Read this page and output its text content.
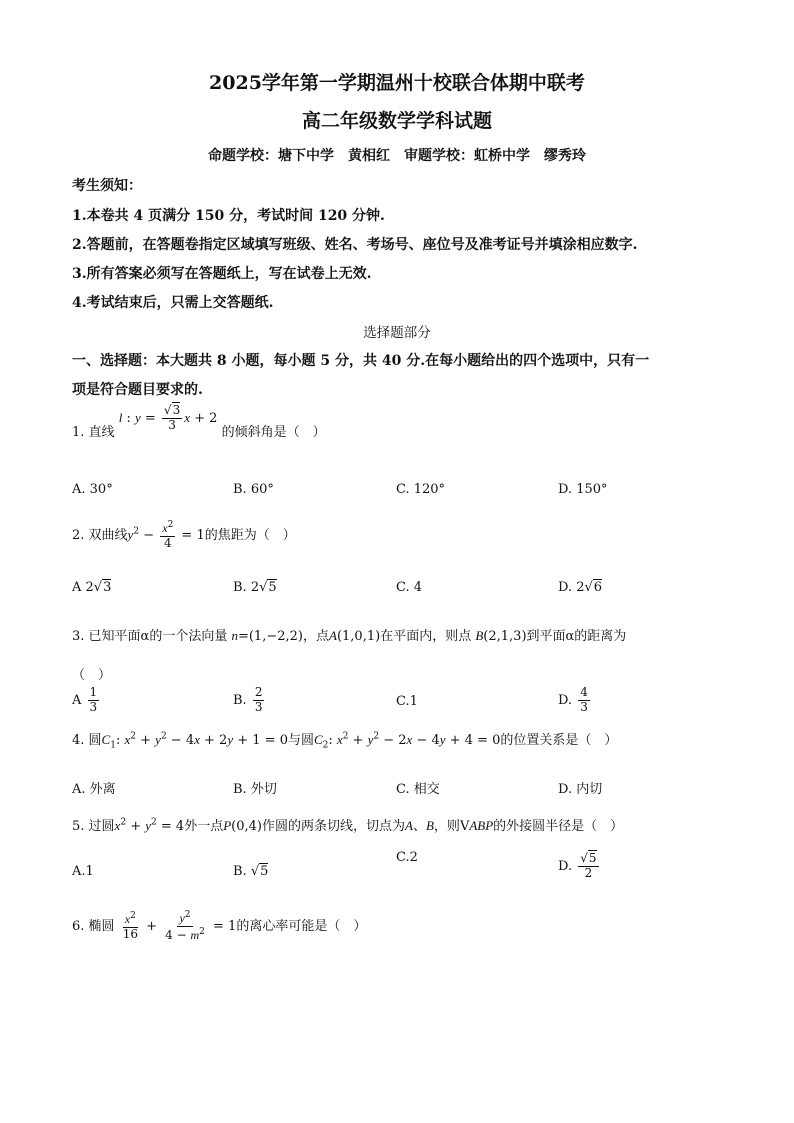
2025学年第一学期温州十校联合体期中联考
高二年级数学学科试题
命题学校：塘下中学　黄相红　审题学校：虹桥中学　缪秀玲
考生须知：
1.本卷共 4 页满分 150 分，考试时间 120 分钟.
2.答题前，在答题卷指定区域填写班级、姓名、考场号、座位号及准考证号并填涂相应数字.
3.所有答案必须写在答题纸上，写在试卷上无效.
4.考试结束后，只需上交答题纸.
选择题部分
一、选择题：本大题共 8 小题，每小题 5 分，共 40 分.在每小题给出的四个选项中，只有一
项是符合题目要求的.
1. 直线 l : $y = \frac{√3}{3}$ x + 2 的倾斜角是（　）
A. 30°	B. 60°	C. 120°	D. 150°
2. 双曲线$y^2 - \frac{x^2}{4} = 1$的焦距为（　）
A 2√3	B. 2√5	C. 4	D. 2√6
3. 已知平面α的一个法向量 n=(1,−2,2)，点A(1,0,1)在平面内，则点 B(2,1,3)到平面α的距离为
（　）
A $\frac{1}{3}$	B. $\frac{2}{3}$	C.1	D. $\frac{4}{3}$
4. 圆$C_1$: $x^2 + y^2 - 4x + 2y + 1 = 0$与圆$C_2$: $x^2 + y^2 - 2x - 4y + 4 = 0$的位置关系是（　）
A. 外离	B. 外切	C. 相交	D. 内切
5. 过圆$x^2 + y^2 = 4$外一点P(0,4)作圆的两条切线，切点为A、B，则VABP的外接圆半径是（　）
A.1	B. √5
C.2
D. $\frac{√5}{2}$
6. 椭圆 $\frac{x^2}{16} + \frac{y^2}{4 - m^2} = 1$的离心率可能是（　）
